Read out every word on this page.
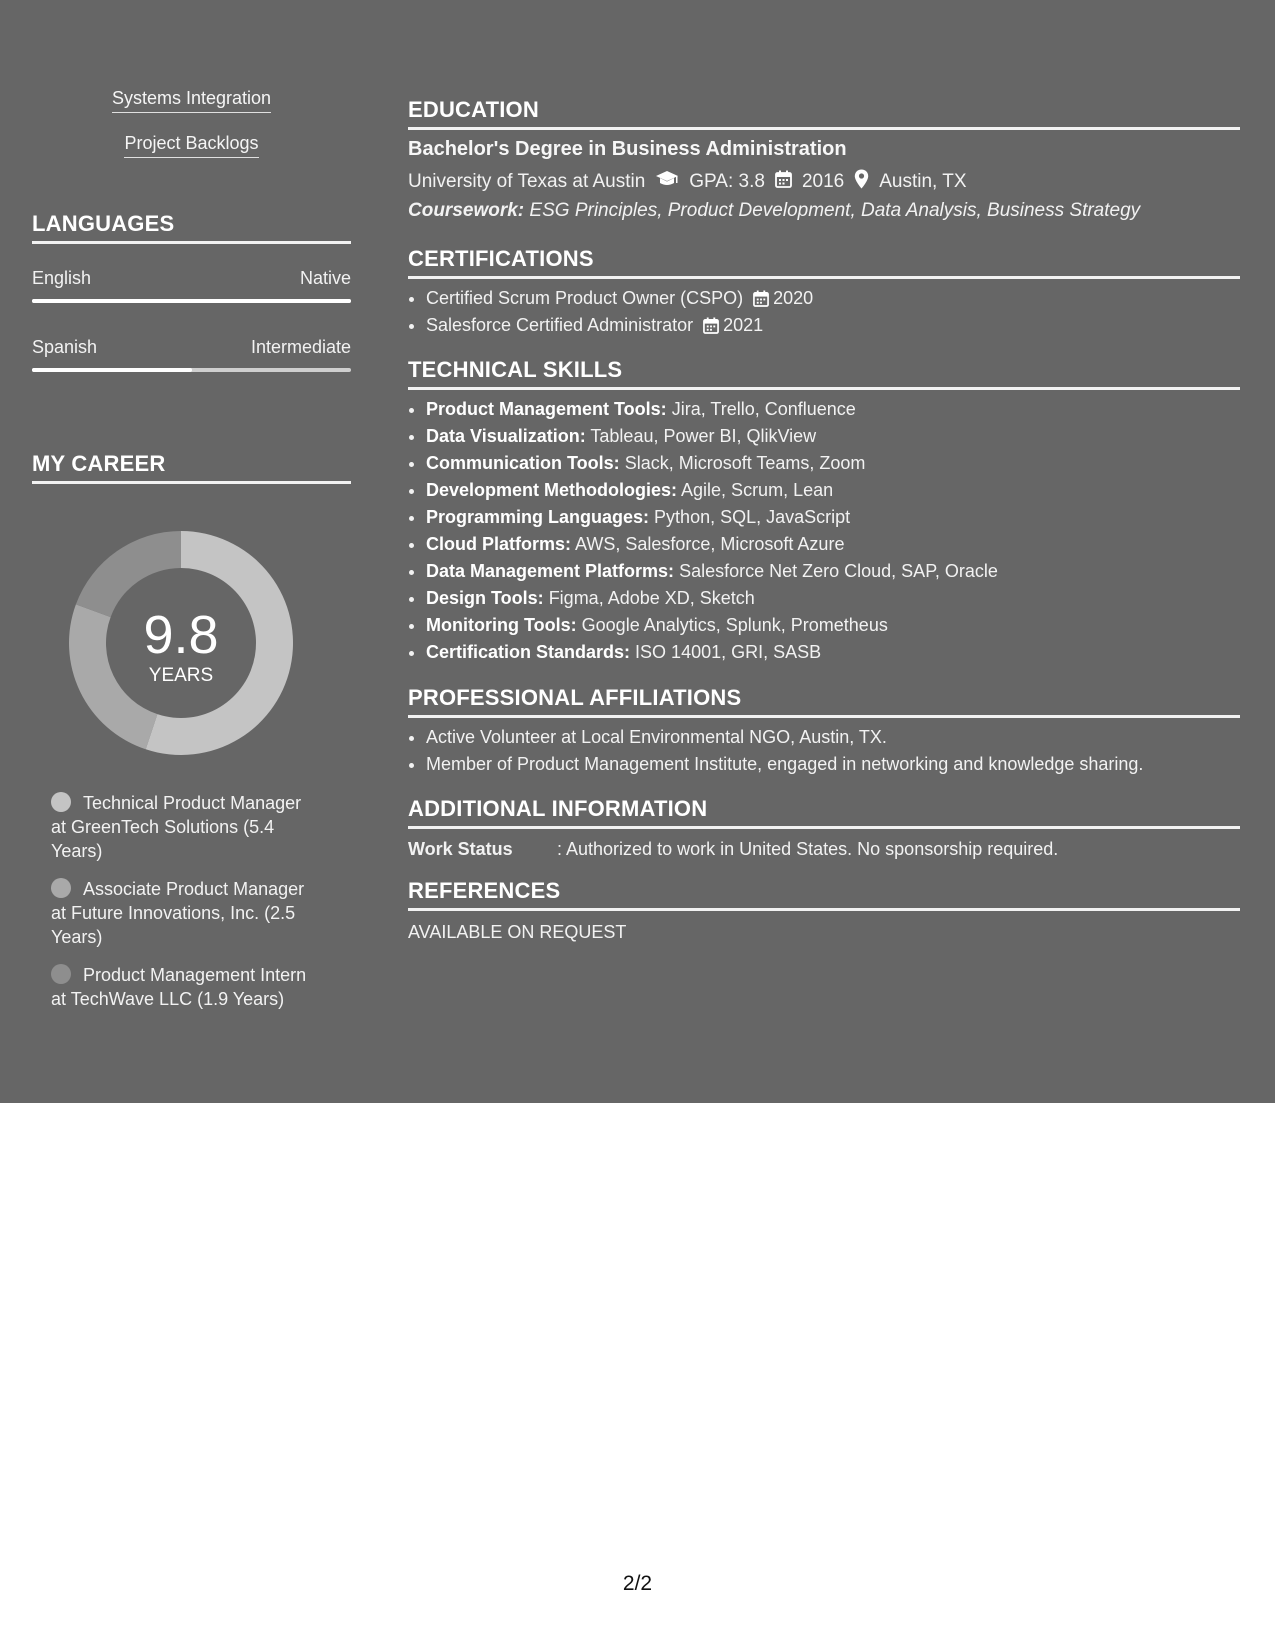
Systems Integration
Project Backlogs
LANGUAGES
English	Native
Spanish	Intermediate
MY CAREER
9.8
YEARS
Technical Product Manager at GreenTech Solutions (5.4 Years)
Associate Product Manager at Future Innovations, Inc. (2.5 Years)
Product Management Intern at TechWave LLC (1.9 Years)
EDUCATION
Bachelor's Degree in Business Administration
University of Texas at Austin GPA: 3.8 2016 Austin, TX
Coursework: ESG Principles, Product Development, Data Analysis, Business Strategy
CERTIFICATIONS
• Certified Scrum Product Owner (CSPO) 2020
• Salesforce Certified Administrator 2021
TECHNICAL SKILLS
• Product Management Tools: Jira, Trello, Confluence
• Data Visualization: Tableau, Power BI, QlikView
• Communication Tools: Slack, Microsoft Teams, Zoom
• Development Methodologies: Agile, Scrum, Lean
• Programming Languages: Python, SQL, JavaScript
• Cloud Platforms: AWS, Salesforce, Microsoft Azure
• Data Management Platforms: Salesforce Net Zero Cloud, SAP, Oracle
• Design Tools: Figma, Adobe XD, Sketch
• Monitoring Tools: Google Analytics, Splunk, Prometheus
• Certification Standards: ISO 14001, GRI, SASB
PROFESSIONAL AFFILIATIONS
• Active Volunteer at Local Environmental NGO, Austin, TX.
• Member of Product Management Institute, engaged in networking and knowledge sharing.
ADDITIONAL INFORMATION
Work Status	: Authorized to work in United States. No sponsorship required.
REFERENCES
AVAILABLE ON REQUEST
2/2
